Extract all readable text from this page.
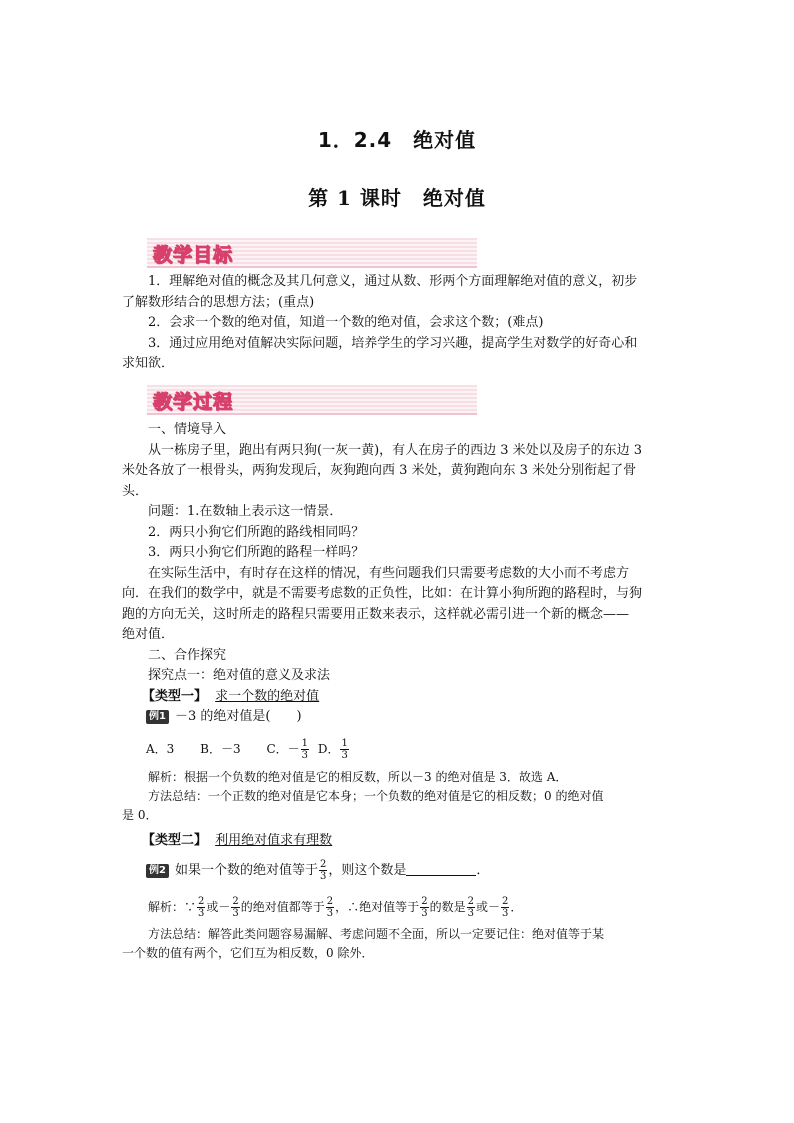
1．2.4　绝对值
第 1 课时　绝对值
教学目标

1．理解绝对值的概念及其几何意义，通过从数、形两个方面理解绝对值的意义，初步

了解数形结合的思想方法；(重点)

2．会求一个数的绝对值，知道一个数的绝对值，会求这个数；(难点)

3．通过应用绝对值解决实际问题，培养学生的学习兴趣，提高学生对数学的好奇心和

求知欲．

教学过程

一、情境导入

从一栋房子里，跑出有两只狗(一灰一黄)，有人在房子的西边 3 米处以及房子的东边 3

米处各放了一根骨头，两狗发现后，灰狗跑向西 3 米处，黄狗跑向东 3 米处分别衔起了骨

头．

问题：1.在数轴上表示这一情景．

2．两只小狗它们所跑的路线相同吗？

3．两只小狗它们所跑的路程一样吗？

在实际生活中，有时存在这样的情况，有些问题我们只需要考虑数的大小而不考虑方

向．在我们的数学中，就是不需要考虑数的正负性，比如：在计算小狗所跑的路程时，与狗

跑的方向无关，这时所走的路程只需要用正数来表示，这样就必需引进一个新的概念——

绝对值．

二、合作探究

探究点一：绝对值的意义及求法

【类型一】 求一个数的绝对值

例1 －3 的绝对值是(　　)

A．3 B．－3 C．－ $\frac{1}{3}$ D． $\frac{1}{3}$

解析：根据一个负数的绝对值是它的相反数，所以－3 的绝对值是 3．故选 A．

方法总结：一个正数的绝对值是它本身；一个负数的绝对值是它的相反数；0 的绝对值

是 0．

【类型二】 利用绝对值求有理数

例2 如果一个数的绝对值等于 $\frac{2}{3}$ ，则这个数是	．

解析：∵ $\frac{2}{3}$ 或－ $\frac{2}{3}$ 的绝对值都等于 $\frac{2}{3}$ ，∴绝对值等于 $\frac{2}{3}$ 的数是 $\frac{2}{3}$ 或－ $\frac{2}{3}$ ．

方法总结：解答此类问题容易漏解、考虑问题不全面，所以一定要记住：绝对值等于某

一个数的值有两个，它们互为相反数，0 除外．
